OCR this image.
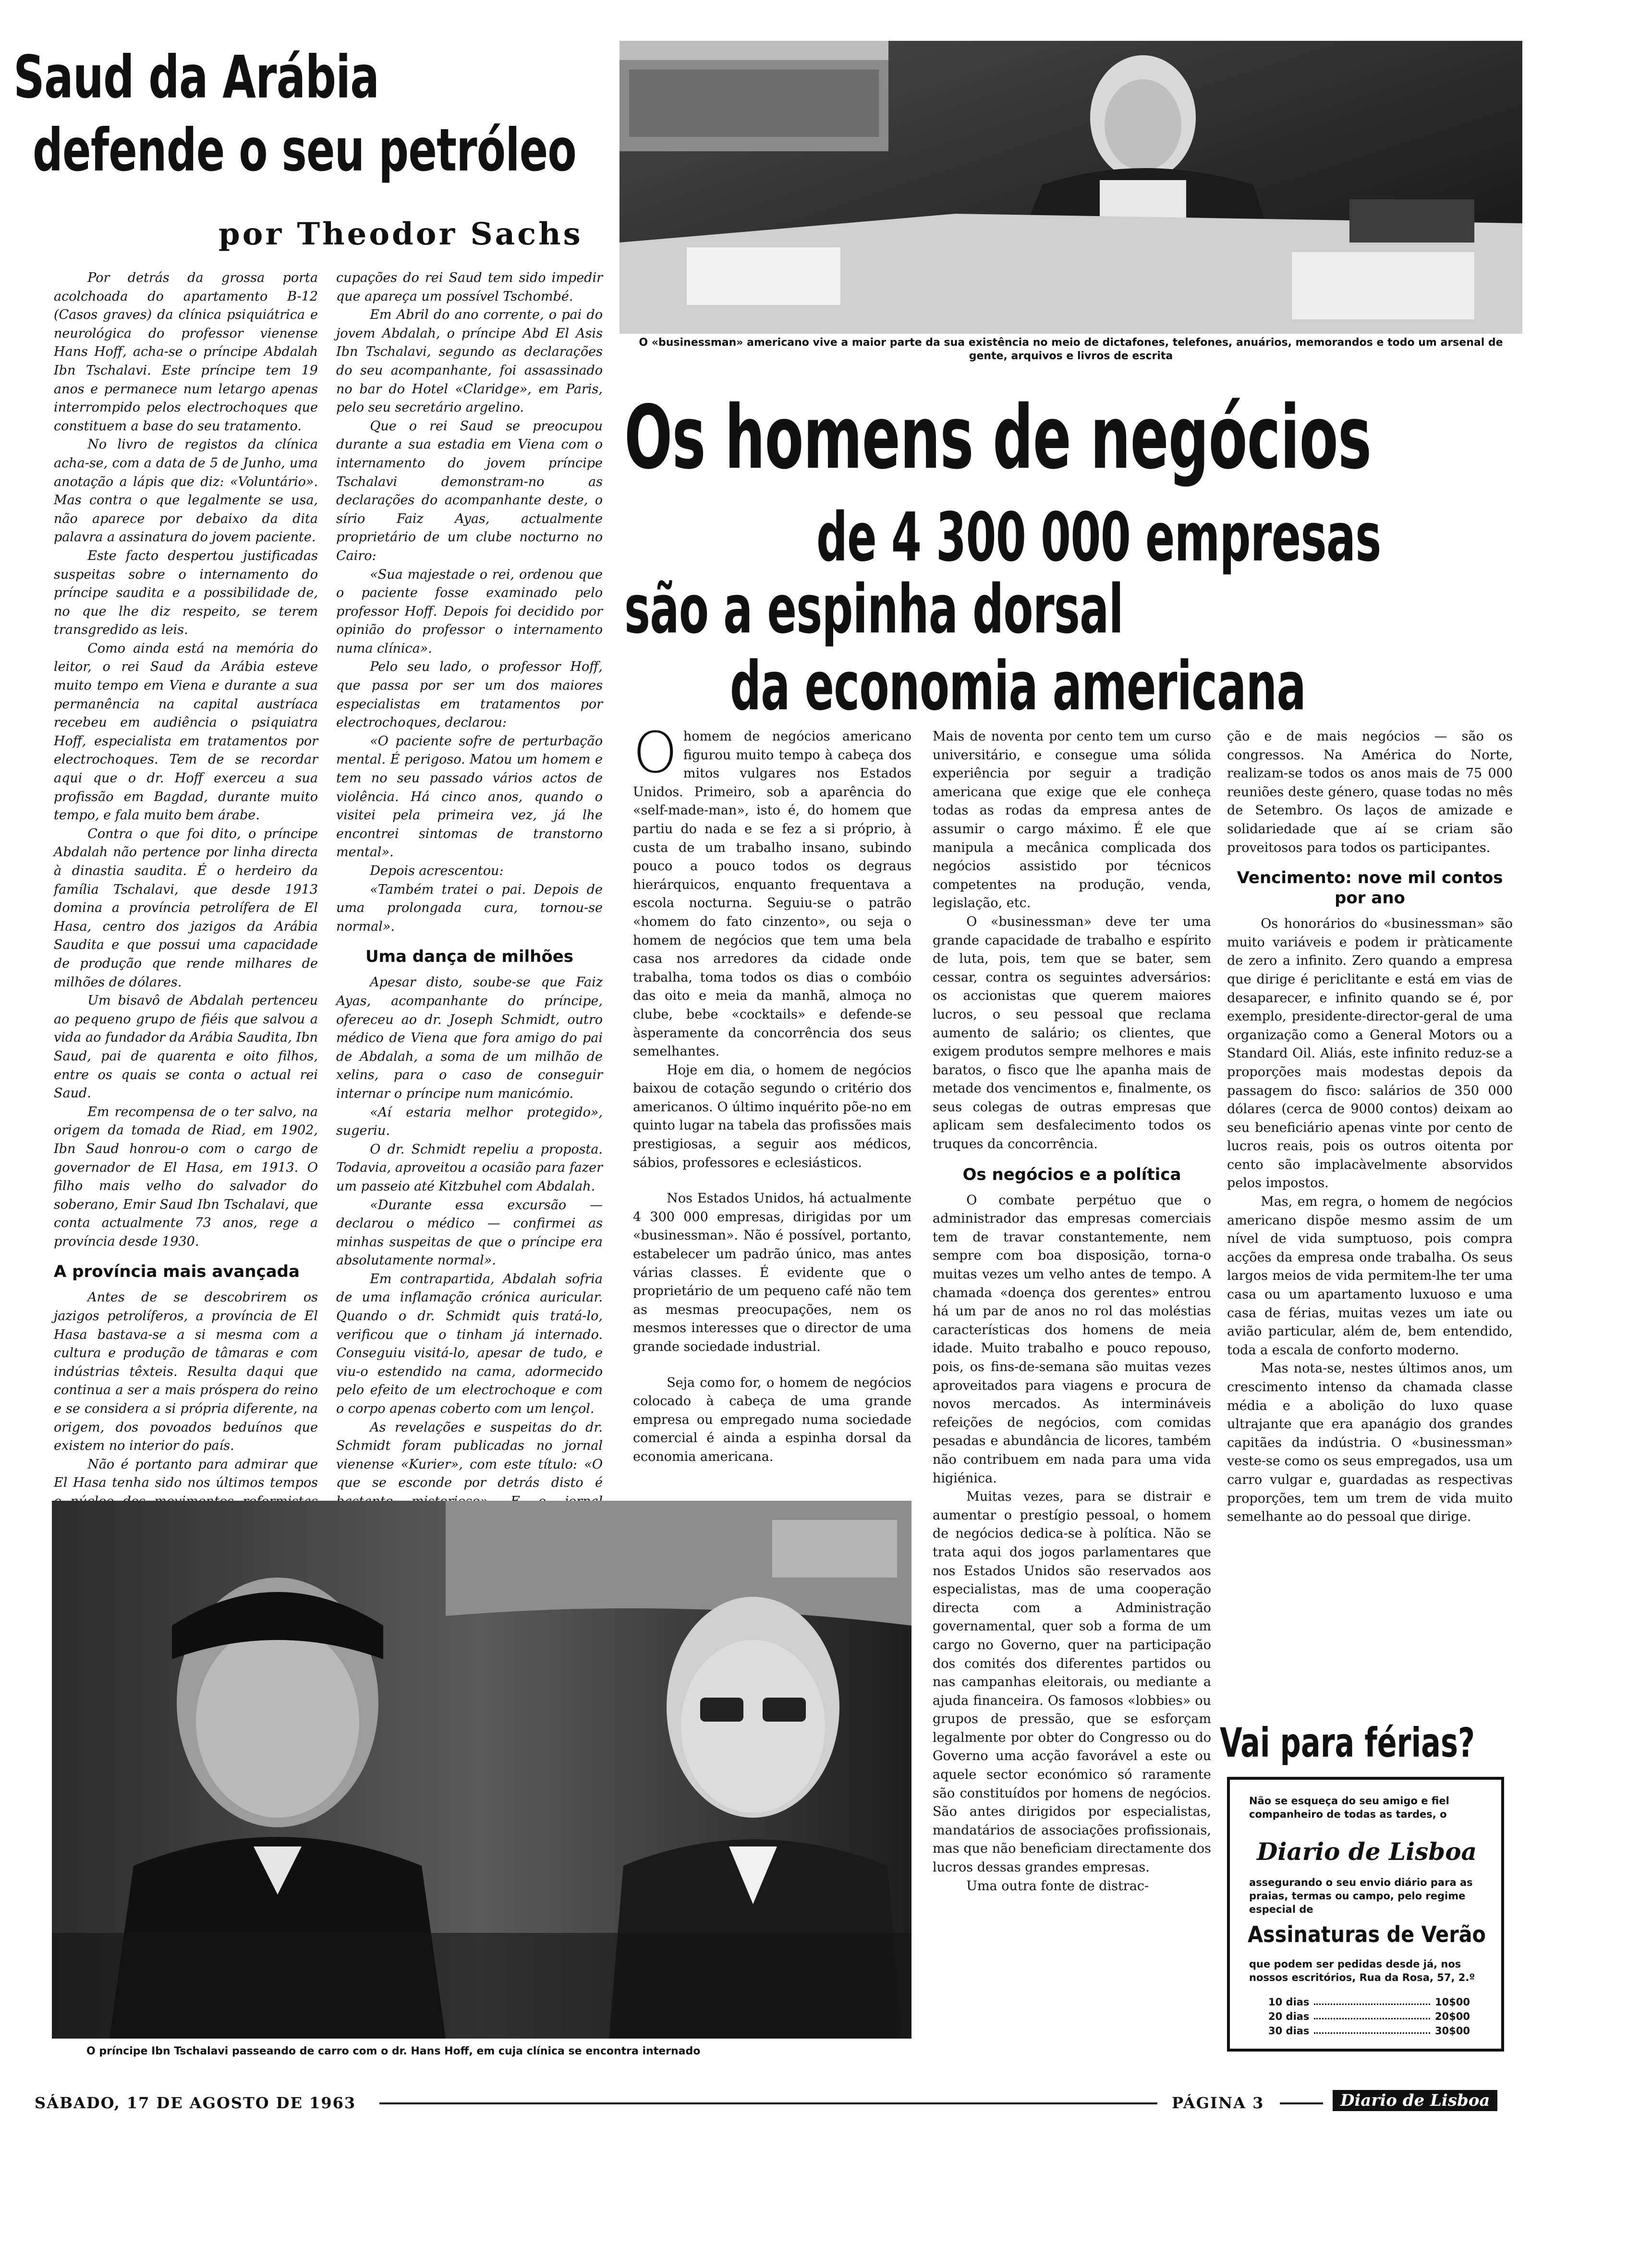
Saud da Arábia
defende o seu petróleo
por Theodor Sachs

Por detrás da grossa porta acolchoada do apartamento B-12 (Casos graves) da clínica psiquiátrica e neurológica do professor vienense Hans Hoff, acha-se o príncipe Abdalah Ibn Tschalavi. Este príncipe tem 19 anos e permanece num letargo apenas interrompido pelos electrochoques que constituem a base do seu tratamento.

No livro de registos da clínica acha-se, com a data de 5 de Junho, uma anotação a lápis que diz: «Voluntário». Mas contra o que legalmente se usa, não aparece por debaixo da dita palavra a assinatura do jovem paciente.

Este facto despertou justificadas suspeitas sobre o internamento do príncipe saudita e a possibilidade de, no que lhe diz respeito, se terem transgredido as leis.

Como ainda está na memória do leitor, o rei Saud da Arábia esteve muito tempo em Viena e durante a sua permanência na capital austríaca recebeu em audiência o psiquiatra Hoff, especialista em tratamentos por electrochoques. Tem de se recordar aqui que o dr. Hoff exerceu a sua profissão em Bagdad, durante muito tempo, e fala muito bem árabe.

Contra o que foi dito, o príncipe Abdalah não pertence por linha directa à dinastia saudita. É o herdeiro da família Tschalavi, que desde 1913 domina a província petrolífera de El Hasa, centro dos jazigos da Arábia Saudita e que possui uma capacidade de produção que rende milhares de milhões de dólares.

Um bisavô de Abdalah pertenceu ao pequeno grupo de fiéis que salvou a vida ao fundador da Arábia Saudita, Ibn Saud, pai de quarenta e oito filhos, entre os quais se conta o actual rei Saud.

Em recompensa de o ter salvo, na origem da tomada de Riad, em 1902, Ibn Saud honrou-o com o cargo de governador de El Hasa, em 1913. O filho mais velho do salvador do soberano, Emir Saud Ibn Tschalavi, que conta actualmente 73 anos, rege a província desde 1930.

A província mais avançada

Antes de se descobrirem os jazigos petrolíferos, a província de El Hasa bastava-se a si mesma com a cultura e produção de tâmaras e com indústrias têxteis. Resulta daqui que continua a ser a mais próspera do reino e se considera a si própria diferente, na origem, dos povoados beduínos que existem no interior do país.

Não é portanto para admirar que El Hasa tenha sido nos últimos tempos

cupações do rei Saud tem sido impedir que apareça um possível Tschombé.

Em Abril do ano corrente, o pai do jovem Abdalah, o príncipe Abd El Asis Ibn Tschalavi, segundo as declarações do seu acompanhante, foi assassinado no bar do Hotel «Claridge», em Paris, pelo seu secretário argelino.

Que o rei Saud se preocupou durante a sua estadia em Viena com o internamento do jovem príncipe Tschalavi demonstram-no as declarações do acompanhante deste, o sírio Faiz Ayas, actualmente proprietário de um clube nocturno no Cairo:

«Sua majestade o rei, ordenou que o paciente fosse examinado pelo professor Hoff. Depois foi decidido por opinião do professor o internamento numa clínica».

Pelo seu lado, o professor Hoff, que passa por ser um dos maiores especialistas em tratamentos por electrochoques, declarou:

«O paciente sofre de perturbação mental. É perigoso. Matou um homem e tem no seu passado vários actos de violência. Há cinco anos, quando o visitei pela primeira vez, já lhe encontrei sintomas de transtorno mental».

Depois acrescentou:

«Também tratei o pai. Depois de uma prolongada cura, tornou-se normal».

Uma dança de milhões

Apesar disto, soube-se que Faiz Ayas, acompanhante do príncipe, ofereceu ao dr. Joseph Schmidt, outro médico de Viena que fora amigo do pai de Abdalah, a soma de um milhão de xelins, para o caso de conseguir internar o príncipe num manicómio.

«Aí estaria melhor protegido», sugeriu.

O dr. Schmidt repeliu a proposta. Todavia, aproveitou a ocasião para fazer um passeio até Kitzbuhel com Abdalah.

«Durante essa excursão — declarou o médico — confirmei as minhas suspeitas de que o príncipe era absolutamente normal».

Em contrapartida, Abdalah sofria de uma inflamação crónica auricular. Quando o dr. Schmidt quis tratá-lo, verificou que o tinham já internado. Conseguiu visitá-lo, apesar de tudo, e viu-o estendido na cama, adormecido pelo efeito de um electrochoque e com o corpo apenas coberto com um lençol.

As revelações e suspeitas do dr. Schmidt foram publicadas no jornal vienense «Kurier», com este título: «O que se esconde por detrás disto é

O «businessman» americano vive a maior parte da sua existência no meio de dictafones, telefones, anuários, memorandos e todo um arsenal de gente, arquivos e livros de escrita
Os homens de negócios
de 4 300 000 empresas
são a espinha dorsal
da economia americana

Ohomem de negócios americano figurou muito tempo à cabeça dos mitos vulgares nos Estados Unidos. Primeiro, sob a aparência do «self-made-man», isto é, do homem que partiu do nada e se fez a si próprio, à custa de um trabalho insano, subindo pouco a pouco todos os degraus hierárquicos, enquanto frequentava a escola nocturna. Seguiu-se o patrão «homem do fato cinzento», ou seja o homem de negócios que tem uma bela casa nos arredores da cidade onde trabalha, toma todos os dias o combóio das oito e meia da manhã, almoça no clube, bebe «cocktails» e defende-se àsperamente da concorrência dos seus semelhantes.

Hoje em dia, o homem de negócios baixou de cotação segundo o critério dos americanos. O último inquérito põe-no em quinto lugar na tabela das profissões mais prestigiosas, a seguir aos médicos, sábios, professores e eclesiásticos.

Nos Estados Unidos, há actualmente 4 300 000 empresas, dirigidas por um «businessman». Não é possível, portanto, estabelecer um padrão único, mas antes várias classes. É evidente que o proprietário de um pequeno café não tem as mesmas preocupações, nem os mesmos interesses que o director de uma grande sociedade industrial.

Seja como for, o homem de negócios colocado à cabeça de uma grande empresa ou empregado numa sociedade comercial é ainda a espinha dorsal da economia americana.

Mais de noventa por cento tem um curso universitário, e consegue uma sólida experiência por seguir a tradição americana que exige que ele conheça todas as rodas da empresa antes de assumir o cargo máximo. É ele que manipula a mecânica complicada dos negócios assistido por técnicos competentes na produção, venda, legislação, etc.

O «businessman» deve ter uma grande capacidade de trabalho e espírito de luta, pois, tem que se bater, sem cessar, contra os seguintes adversários: os accionistas que querem maiores lucros, o seu pessoal que reclama aumento de salário; os clientes, que exigem produtos sempre melhores e mais baratos, o fisco que lhe apanha mais de metade dos vencimentos e, finalmente, os seus colegas de outras empresas que aplicam sem desfalecimento todos os truques da concorrência.

Os negócios e a política

O combate perpétuo que o administrador das empresas comerciais tem de travar constantemente, nem sempre com boa disposição, torna-o muitas vezes um velho antes de tempo. A chamada «doença dos gerentes» entrou há um par de anos no rol das moléstias características dos homens de meia idade. Muito trabalho e pouco repouso, pois, os fins-de-semana são muitas vezes aproveitados para viagens e procura de novos mercados. As intermináveis refeições de negócios, com comidas pesadas e abundância de licores, também não contribuem em nada para uma vida higiénica.

Muitas vezes, para se distrair e aumentar o prestígio pessoal, o homem de negócios dedica-se à política. Não se trata aqui dos jogos parlamentares que nos Estados Unidos são reservados aos especialistas, mas de uma cooperação directa com a Administração governamental, quer sob a forma de um cargo no Governo, quer na participação dos comités dos diferentes partidos ou nas campanhas eleitorais, ou mediante a ajuda financeira. Os famosos «lobbies» ou grupos de pressão, que se esforçam legalmente por obter do Congresso ou do Governo uma acção favorável a este ou aquele sector económico só raramente são constituídos por homens de negócios. São antes dirigidos por especialistas, mandatários de associações profissionais, mas que não beneficiam directamente dos lucros dessas grandes empresas.

Uma outra fonte de distrac-

ção e de mais negócios — são os congressos. Na América do Norte, realizam-se todos os anos mais de 75 000 reuniões deste género, quase todas no mês de Setembro. Os laços de amizade e solidariedade que aí se criam são proveitosos para todos os participantes.

Vencimento: nove mil contos por ano

Os honorários do «businessman» são muito variáveis e podem ir pràticamente de zero a infinito. Zero quando a empresa que dirige é periclitante e está em vias de desaparecer, e infinito quando se é, por exemplo, presidente-director-geral de uma organização como a General Motors ou a Standard Oil. Aliás, este infinito reduz-se a proporções mais modestas depois da passagem do fisco: salários de 350 000 dólares (cerca de 9000 contos) deixam ao seu beneficiário apenas vinte por cento de lucros reais, pois os outros oitenta por cento são implacàvelmente absorvidos pelos impostos.

Mas, em regra, o homem de negócios americano dispõe mesmo assim de um nível de vida sumptuoso, pois compra acções da empresa onde trabalha. Os seus largos meios de vida permitem-lhe ter uma casa ou um apartamento luxuoso e uma casa de férias, muitas vezes um iate ou avião particular, além de, bem entendido, toda a escala de conforto moderno.

Mas nota-se, nestes últimos anos, um crescimento intenso da chamada classe média e a abolição do luxo quase ultrajante que era apanágio dos grandes capitães da indústria. O «businessman» veste-se como os seus empregados, usa um carro vulgar e, guardadas as respectivas proporções, tem um trem de vida muito semelhante ao do pessoal que dirige.

O príncipe Ibn Tschalavi passeando de carro com o dr. Hans Hoff, em cuja clínica se encontra internado
Vai para férias?
Não se esqueça do seu amigo e fiel companheiro de todas as tardes, o
Diario de Lisboa
assegurando o seu envio diário para as praias, termas ou campo, pelo regime especial de
Assinaturas de Verão
que podem ser pedidas desde já, nos nossos escritórios, Rua da Rosa, 57, 2.º
10 dias	10$00
20 dias	20$00
30 dias	30$00
SÁBADO, 17 DE AGOSTO DE 1963	PÁGINA 3	Diario de Lisboa
